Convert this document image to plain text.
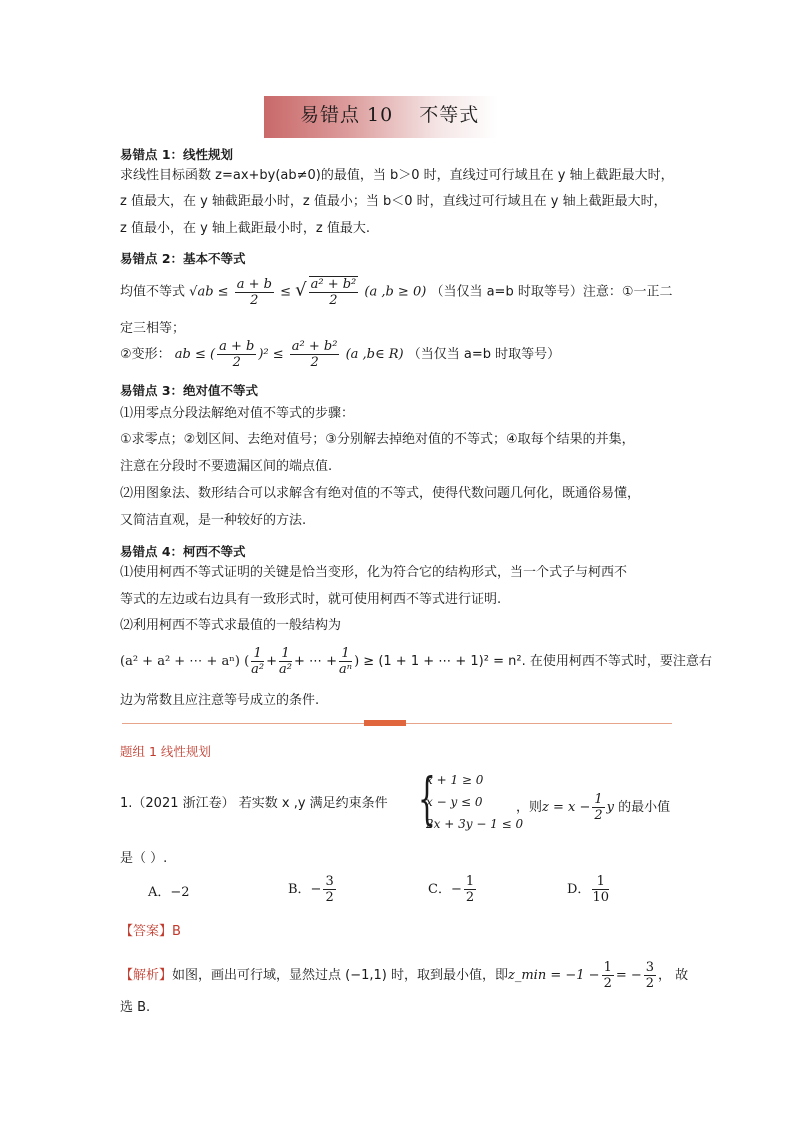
易错点 10 不等式
易错点 1：线性规划
求线性目标函数 z=ax+by(ab≠0)的最值，当 b＞0 时，直线过可行域且在 y 轴上截距最大时，
z 值最大，在 y 轴截距最小时，z 值最小；当 b＜0 时，直线过可行域且在 y 轴上截距最大时，
z 值最小，在 y 轴上截距最小时，z 值最大.
易错点 2：基本不等式
均值不等式 $√ab \le \frac{a + b}{2}$ ≤ √ $\frac{\text{a² + b²}}{2} (a$ ,b ≥ 0) （当仅当 a=b 时取等号）注意：①一正二
定三相等；
②变形： ab ≤ ( $\frac{a + b}{2} )^2 \le \frac{\text{a² + b²}}{2} (a$ ,b∈ R) （当仅当 a=b 时取等号）
易错点 3：绝对值不等式
⑴用零点分段法解绝对值不等式的步骤：
①求零点；②划区间、去绝对值号；③分别解去掉绝对值的不等式；④取每个结果的并集，
注意在分段时不要遗漏区间的端点值.
⑵用图象法、数形结合可以求解含有绝对值的不等式，使得代数问题几何化，既通俗易懂，
又简洁直观，是一种较好的方法.
易错点 4：柯西不等式
⑴使用柯西不等式证明的关键是恰当变形，化为符合它的结构形式，当一个式子与柯西不
等式的左边或右边具有一致形式时，就可使用柯西不等式进行证明.
⑵利用柯西不等式求最值的一般结构为
(a² + a² + ⋯ + aⁿ) ( $\frac{1}{\text{a²}} + \frac{1}{\text{a²}}$ + ⋯ + $\frac{1}{\text{aⁿ}}$ ) ≥ (1 + 1 + ⋯ + 1)² = n². 在使用柯西不等式时，要注意右
边为常数且应注意等号成立的条件.
题组 1 线性规划
1.（2021 浙江卷） 若实数 x ,y 满足约束条件 {
x + 1 ≥ 0
x − y ≤ 0
2x + 3y − 1 ≤ 0
，则$z = x - \frac{1}{2}$ y 的最小值
是（ ）.
A．−2	B．− $\frac{3}{2}$	C．− $\frac{1}{2}$	D． $\frac{1}{10}$
【答案】B
【解析】如图，画出可行域，显然过点 (−1,1) 时，取到最小值，即z_min = $-1 - \frac{1}{2}$ = − $\frac{3}{2}$ ， 故
选 B.
